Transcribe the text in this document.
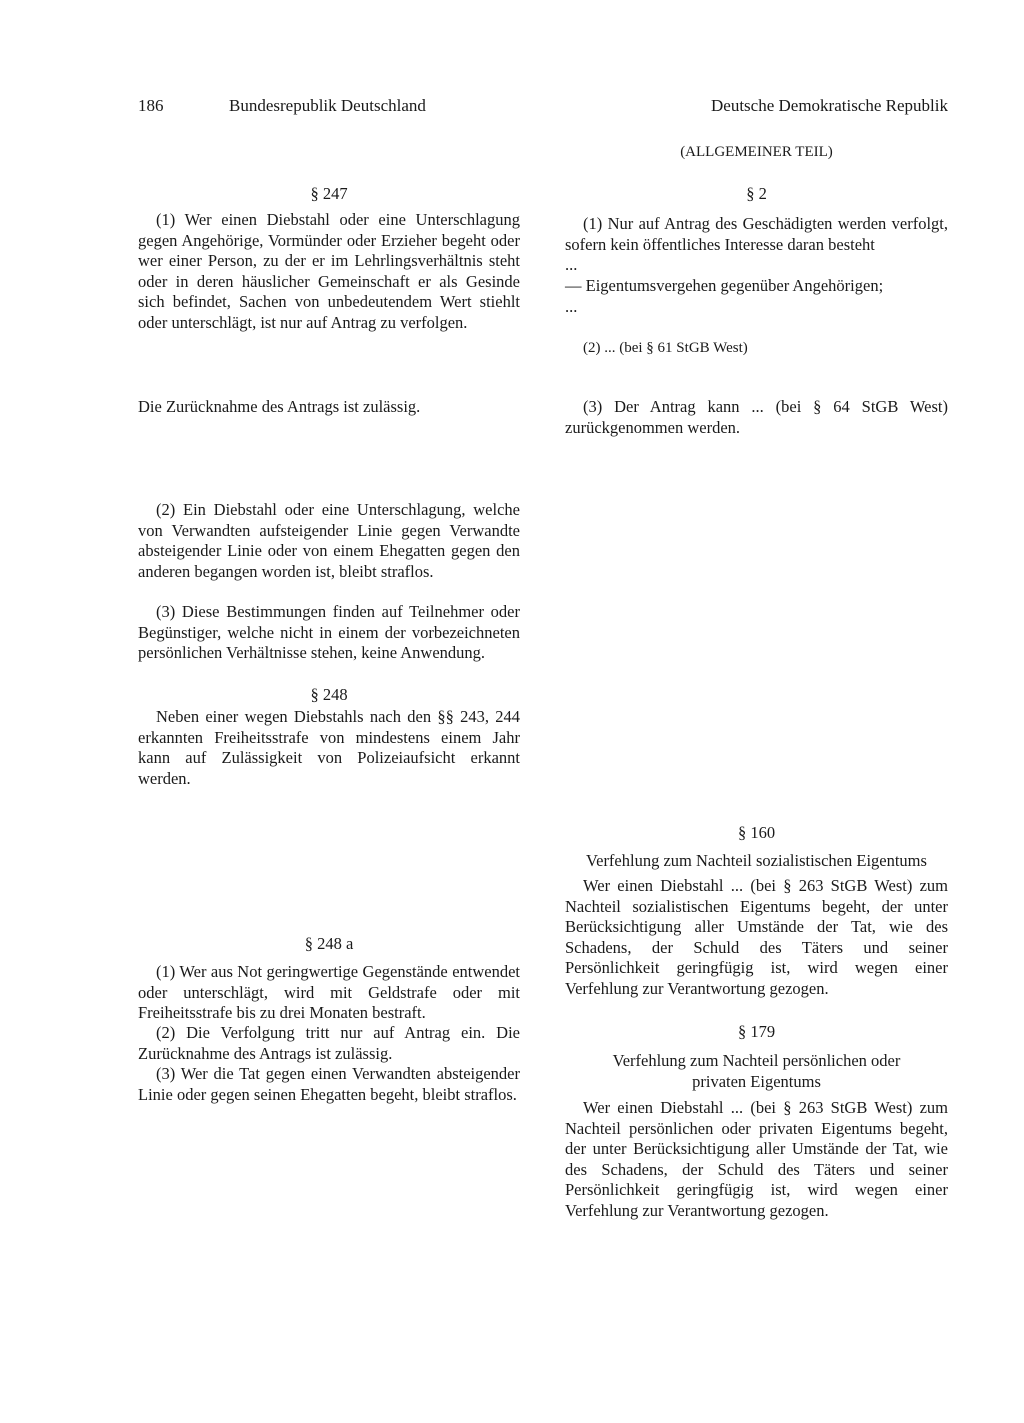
186	Bundesrepublik Deutschland	Deutsche Demokratische Republik
(ALLGEMEINER TEIL)
§ 247

(1) Wer einen Diebstahl oder eine Unterschlagung gegen Angehörige, Vormünder oder Erzieher begeht oder wer einer Person, zu der er im Lehrlingsverhältnis steht oder in deren häuslicher Gemeinschaft er als Gesinde sich befindet, Sachen von unbedeutendem Wert stiehlt oder unterschlägt, ist nur auf Antrag zu verfolgen.

Die Zurücknahme des Antrags ist zulässig.

(2) Ein Diebstahl oder eine Unterschlagung, welche von Verwandten aufsteigender Linie gegen Verwandte absteigender Linie oder von einem Ehegatten gegen den anderen begangen worden ist, bleibt straflos.

(3) Diese Bestimmungen finden auf Teilnehmer oder Begünstiger, welche nicht in einem der vorbezeichneten persönlichen Verhältnisse stehen, keine Anwendung.

§ 248

Neben einer wegen Diebstahls nach den §§ 243, 244 erkannten Freiheitsstrafe von mindestens einem Jahr kann auf Zulässigkeit von Polizeiaufsicht erkannt werden.

§ 248 a

(1) Wer aus Not geringwertige Gegenstände entwendet oder unterschlägt, wird mit Geldstrafe oder mit Freiheitsstrafe bis zu drei Monaten bestraft.

(2) Die Verfolgung tritt nur auf Antrag ein. Die Zurücknahme des Antrags ist zulässig.

(3) Wer die Tat gegen einen Verwandten absteigender Linie oder gegen seinen Ehegatten begeht, bleibt straflos.

§ 2

(1) Nur auf Antrag des Geschädigten werden verfolgt, sofern kein öffentliches Interesse daran besteht

...
— Eigentumsvergehen gegenüber Angehörigen;
...
(2) ... (bei § 61 StGB West)

(3) Der Antrag kann ... (bei § 64 StGB West) zurückgenommen werden.

§ 160
Verfehlung zum Nachteil sozialistischen Eigentums

Wer einen Diebstahl ... (bei § 263 StGB West) zum Nachteil sozialistischen Eigentums begeht, der unter Berücksichtigung aller Umstände der Tat, wie des Schadens, der Schuld des Täters und seiner Persönlichkeit geringfügig ist, wird wegen einer Verfehlung zur Verantwortung gezogen.

§ 179
Verfehlung zum Nachteil persönlichen oder privaten Eigentums

Wer einen Diebstahl ... (bei § 263 StGB West) zum Nachteil persönlichen oder privaten Eigentums begeht, der unter Berücksichtigung aller Umstände der Tat, wie des Schadens, der Schuld des Täters und seiner Persönlichkeit geringfügig ist, wird wegen einer Verfehlung zur Verantwortung gezogen.
